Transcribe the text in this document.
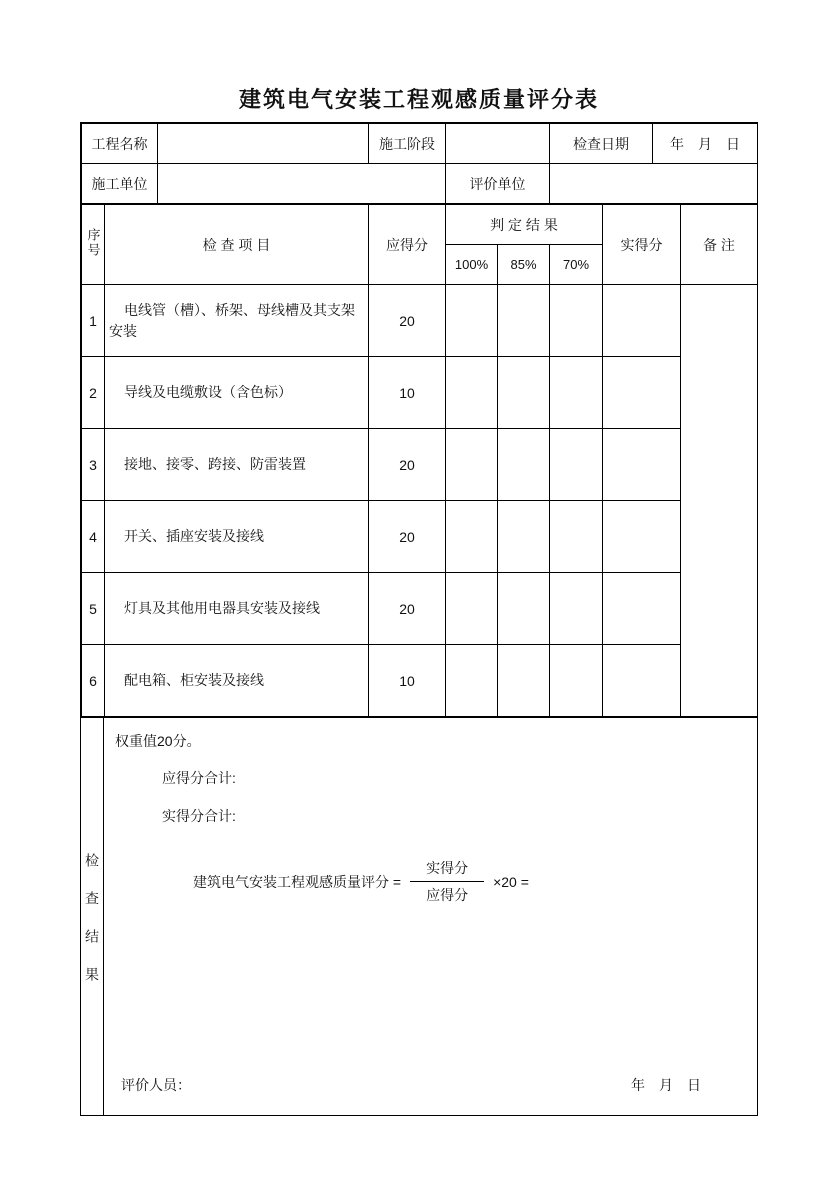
建筑电气安装工程观感质量评分表
工程名称		施工阶段		检查日期	年　月　日
施工单位			评价单位		
序号	检 查 项 目	应得分	判 定 结 果			实得分	备 注
			100%	85%	70%		
1	电线管（槽）、桥架、母线槽及其支架安装	20					
2	导线及电缆敷设（含色标）	10					
3	接地、接零、跨接、防雷装置	20					
4	开关、插座安装及接线	20					
5	灯具及其他用电器具安装及接线	20					
6	配电箱、柜安装及接线	10					
检查结果
权重值20分。
应得分合计:
实得分合计:
建筑电气安装工程观感质量评分 = $\frac{\text{实得分}}{\text{应得分}} \times 20$ =
评价人员：	年　月　日
